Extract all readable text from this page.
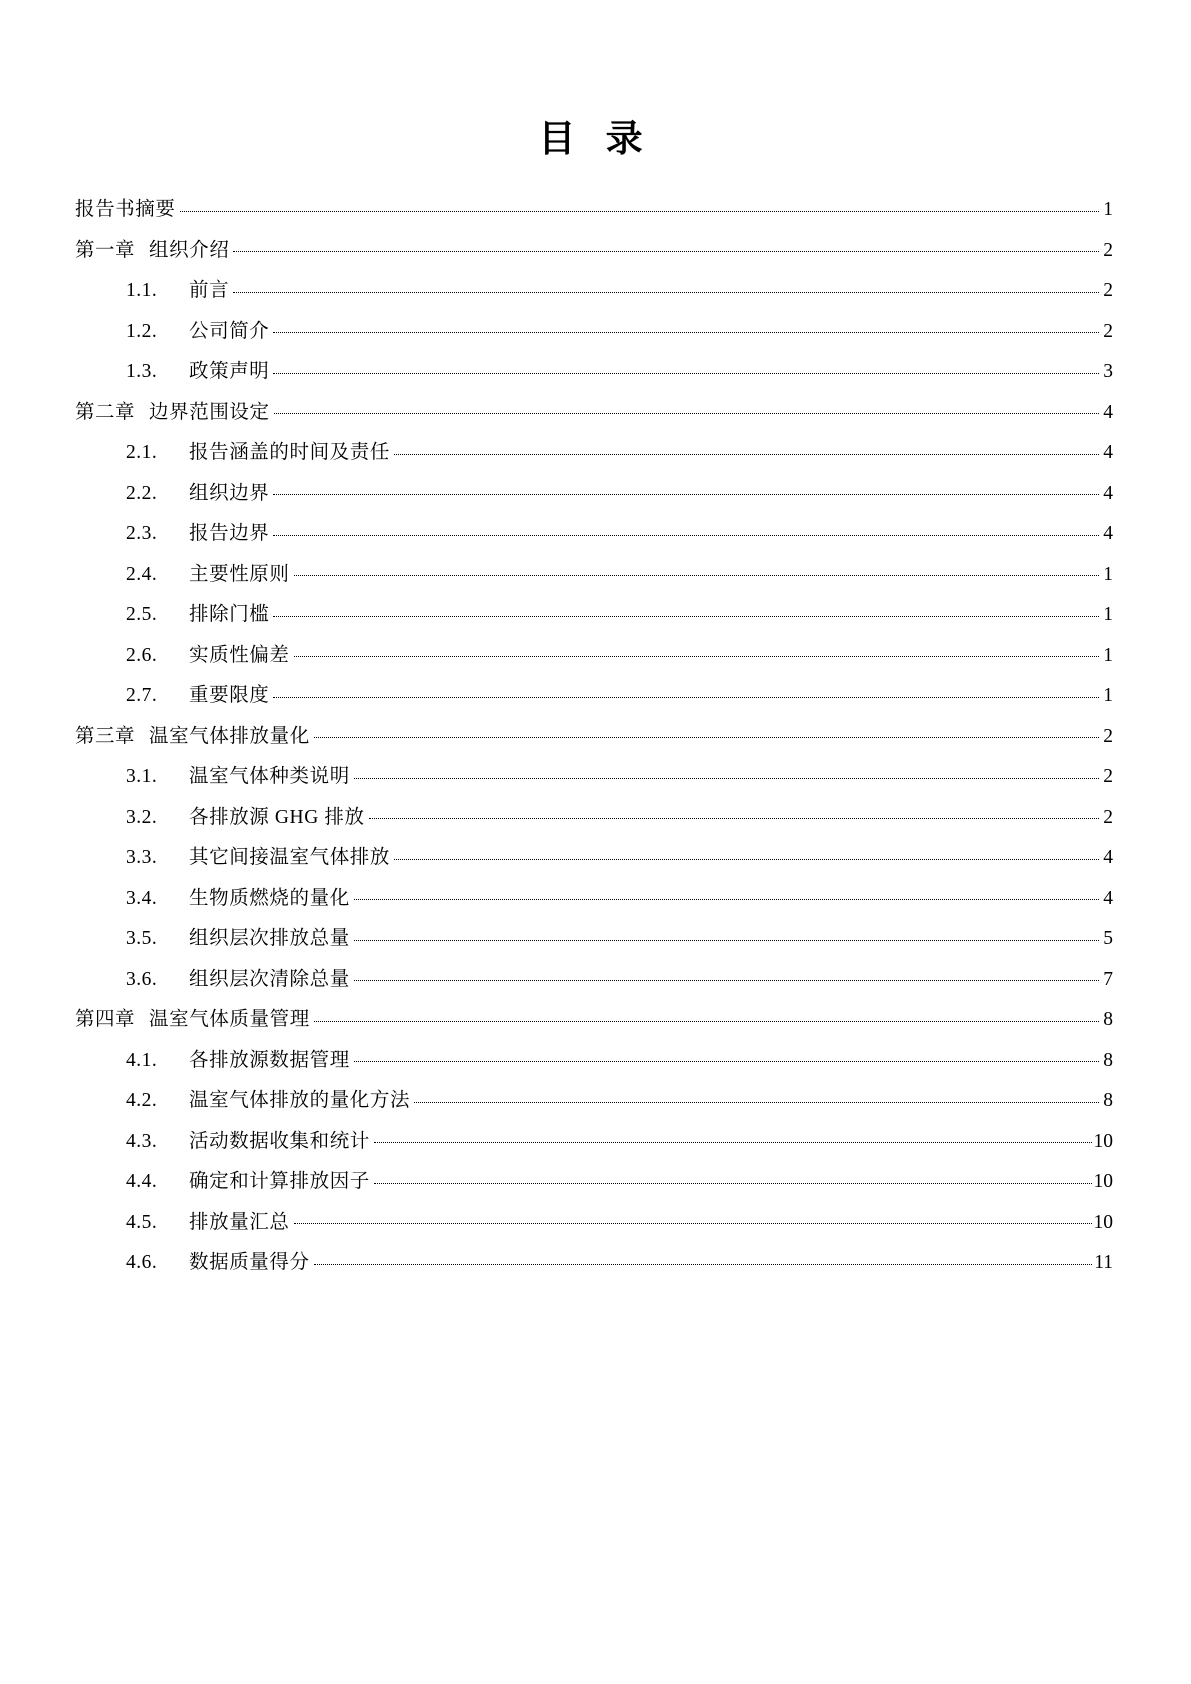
目 录
报告书摘要	1
第一章 组织介绍	2
1.1.	前言	2
1.2.	公司简介	2
1.3.	政策声明	3
第二章 边界范围设定	4
2.1.	报告涵盖的时间及责任	4
2.2.	组织边界	4
2.3.	报告边界	4
2.4.	主要性原则	1
2.5.	排除门槛	1
2.6.	实质性偏差	1
2.7.	重要限度	1
第三章 温室气体排放量化	2
3.1.	温室气体种类说明	2
3.2.	各排放源 GHG 排放	2
3.3.	其它间接温室气体排放	4
3.4.	生物质燃烧的量化	4
3.5.	组织层次排放总量	5
3.6.	组织层次清除总量	7
第四章 温室气体质量管理	8
4.1.	各排放源数据管理	8
4.2.	温室气体排放的量化方法	8
4.3.	活动数据收集和统计	10
4.4.	确定和计算排放因子	10
4.5.	排放量汇总	10
4.6.	数据质量得分	11
